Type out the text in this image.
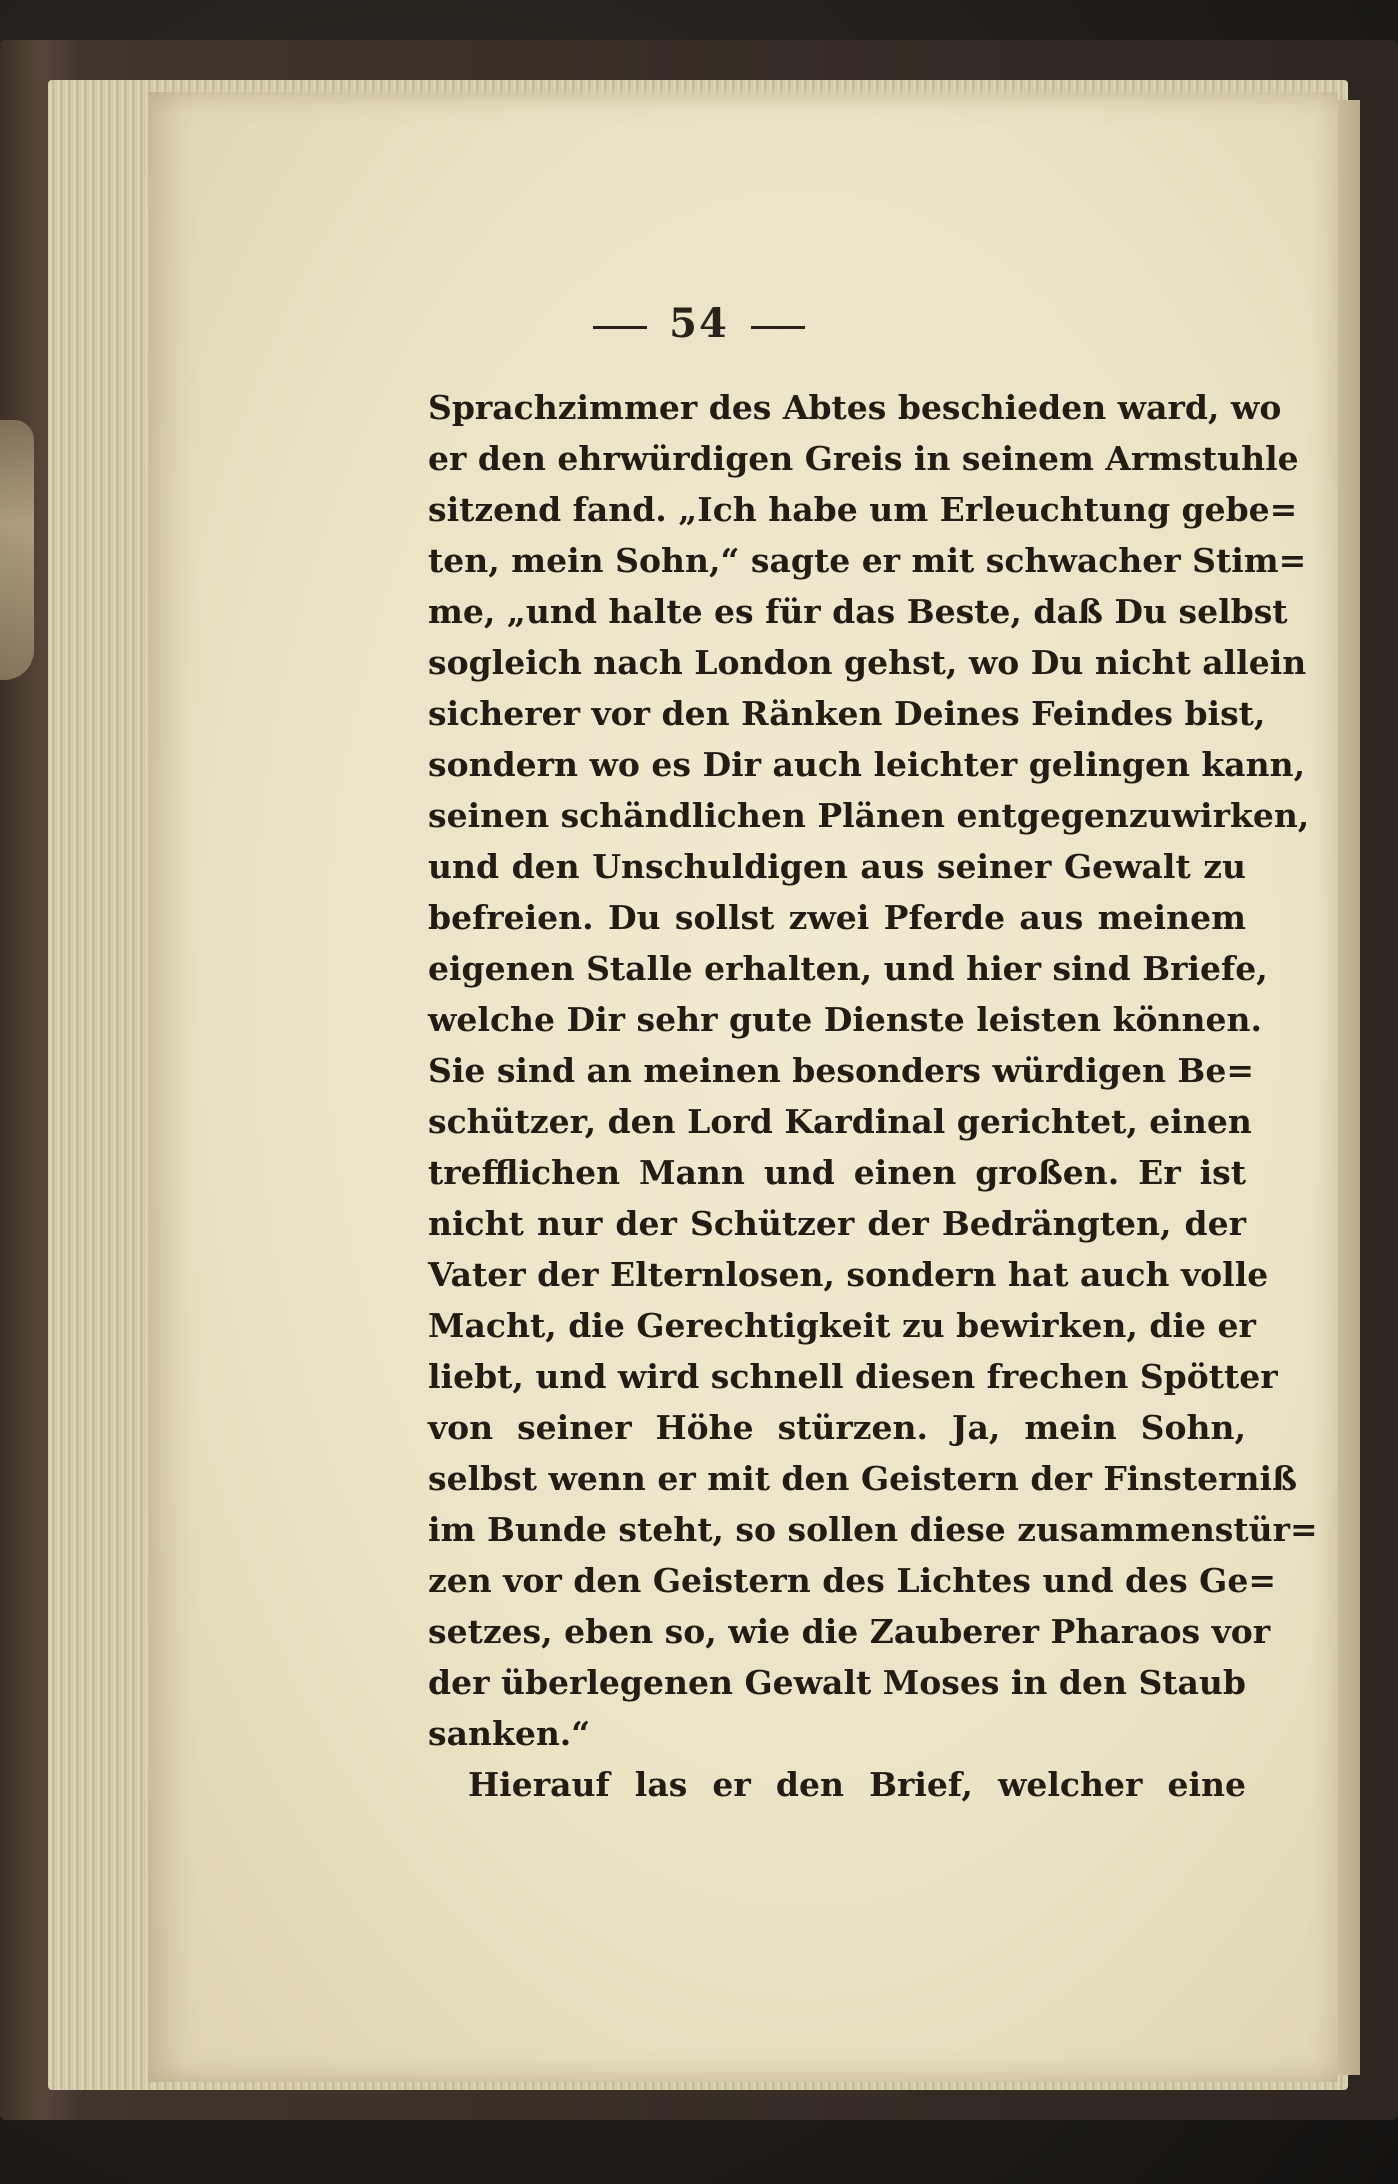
54
Sprachzimmer des Abtes beschieden ward, wo
er den ehrwürdigen Greis in seinem Armstuhle
sitzend fand. „Ich habe um Erleuchtung gebe=
ten, mein Sohn,“ sagte er mit schwacher Stim=
me, „und halte es für das Beste, daß Du selbst
sogleich nach London gehst, wo Du nicht allein
sicherer vor den Ränken Deines Feindes bist,
sondern wo es Dir auch leichter gelingen kann,
seinen schändlichen Plänen entgegenzuwirken,
und den Unschuldigen aus seiner Gewalt zu
befreien. Du sollst zwei Pferde aus meinem
eigenen Stalle erhalten, und hier sind Briefe,
welche Dir sehr gute Dienste leisten können.
Sie sind an meinen besonders würdigen Be=
schützer, den Lord Kardinal gerichtet, einen
trefflichen Mann und einen großen. Er ist
nicht nur der Schützer der Bedrängten, der
Vater der Elternlosen, sondern hat auch volle
Macht, die Gerechtigkeit zu bewirken, die er
liebt, und wird schnell diesen frechen Spötter
von seiner Höhe stürzen. Ja, mein Sohn,
selbst wenn er mit den Geistern der Finsterniß
im Bunde steht, so sollen diese zusammenstür=
zen vor den Geistern des Lichtes und des Ge=
setzes, eben so, wie die Zauberer Pharaos vor
der überlegenen Gewalt Moses in den Staub
sanken.“
Hierauf las er den Brief, welcher eine
